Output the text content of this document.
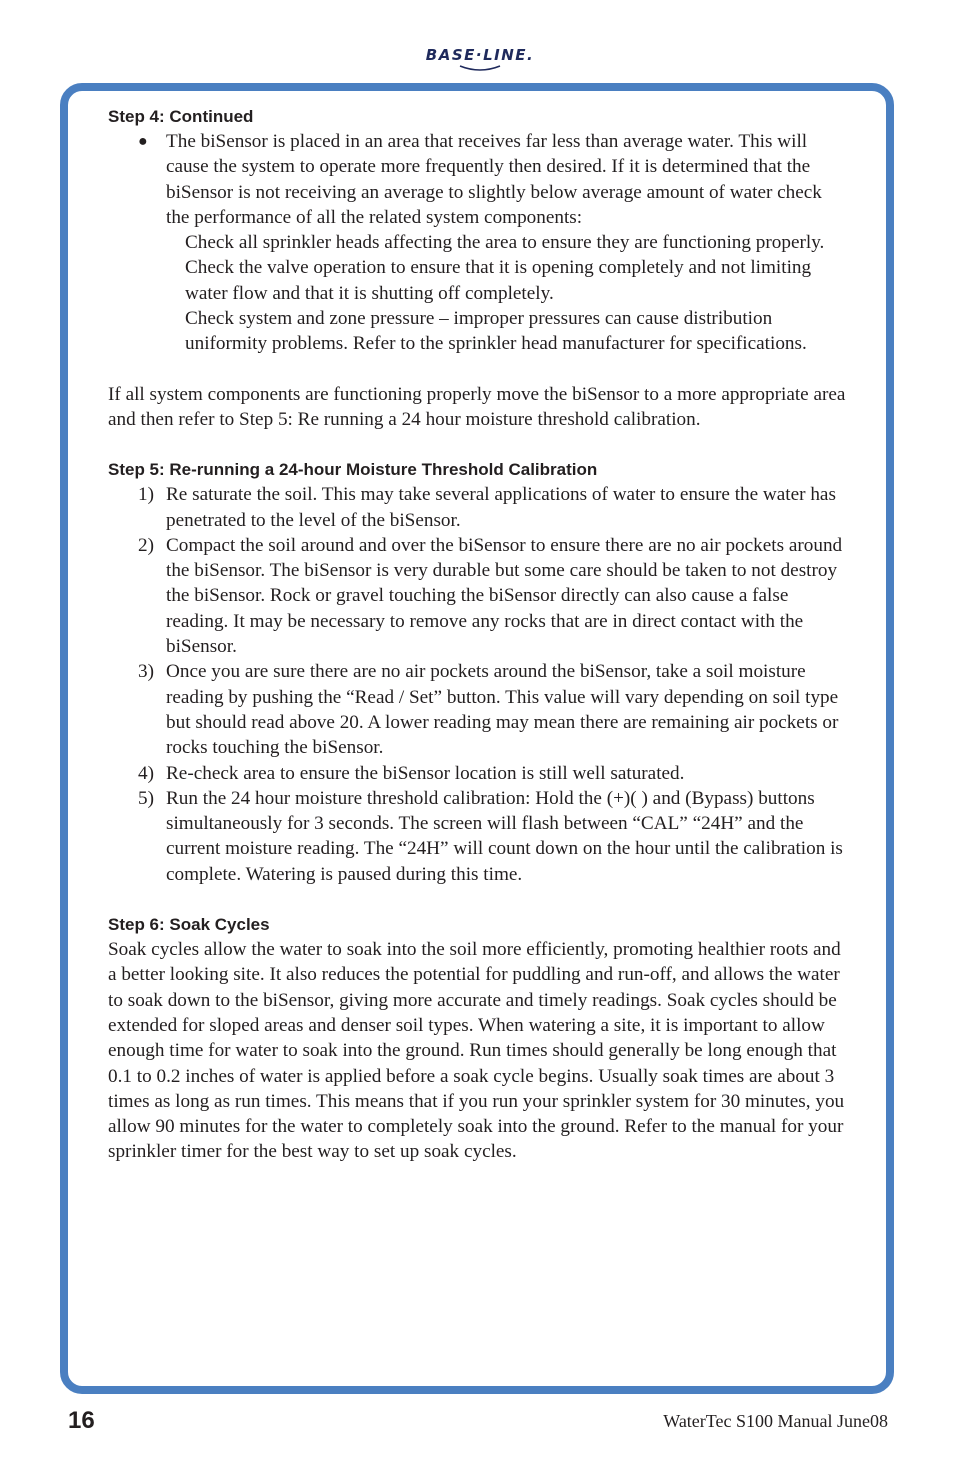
BASE·LINE.
Step 4: Continued
● The biSensor is placed in an area that receives far less than average water. This will cause the system to operate more frequently then desired. If it is determined that the biSensor is not receiving an average to slightly below average amount of water check the performance of all the related system components:

Check all sprinkler heads affecting the area to ensure they are functioning properly.

Check the valve operation to ensure that it is opening completely and not limiting water flow and that it is shutting off completely.

Check system and zone pressure – improper pressures can cause distribution uniformity problems. Refer to the sprinkler head manufacturer for specifications.

If all system components are functioning properly move the biSensor to a more appropriate area and then refer to Step 5: Re running a 24 hour moisture threshold calibration.

Step 5: Re-running a 24-hour Moisture Threshold Calibration
1) Re saturate the soil. This may take several applications of water to ensure the water has penetrated to the level of the biSensor.
2) Compact the soil around and over the biSensor to ensure there are no air pockets around the biSensor. The biSensor is very durable but some care should be taken to not destroy the biSensor. Rock or gravel touching the biSensor directly can also cause a false reading. It may be necessary to remove any rocks that are in direct contact with the biSensor.
3) Once you are sure there are no air pockets around the biSensor, take a soil moisture reading by pushing the “Read / Set” button. This value will vary depending on soil type but should read above 20. A lower reading may mean there are remaining air pockets or rocks touching the biSensor.
4) Re-check area to ensure the biSensor location is still well saturated.
5) Run the 24 hour moisture threshold calibration: Hold the (+)( ) and (Bypass) buttons simultaneously for 3 seconds. The screen will flash between “CAL” “24H” and the current moisture reading. The “24H” will count down on the hour until the calibration is complete. Watering is paused during this time.
Step 6: Soak Cycles

Soak cycles allow the water to soak into the soil more efficiently, promoting healthier roots and a better looking site. It also reduces the potential for puddling and run-off, and allows the water to soak down to the biSensor, giving more accurate and timely readings. Soak cycles should be extended for sloped areas and denser soil types. When watering a site, it is important to allow enough time for water to soak into the ground. Run times should generally be long enough that 0.1 to 0.2 inches of water is applied before a soak cycle begins. Usually soak times are about 3 times as long as run times. This means that if you run your sprinkler system for 30 minutes, you allow 90 minutes for the water to completely soak into the ground. Refer to the manual for your sprinkler timer for the best way to set up soak cycles.

16	WaterTec S100 Manual June08
